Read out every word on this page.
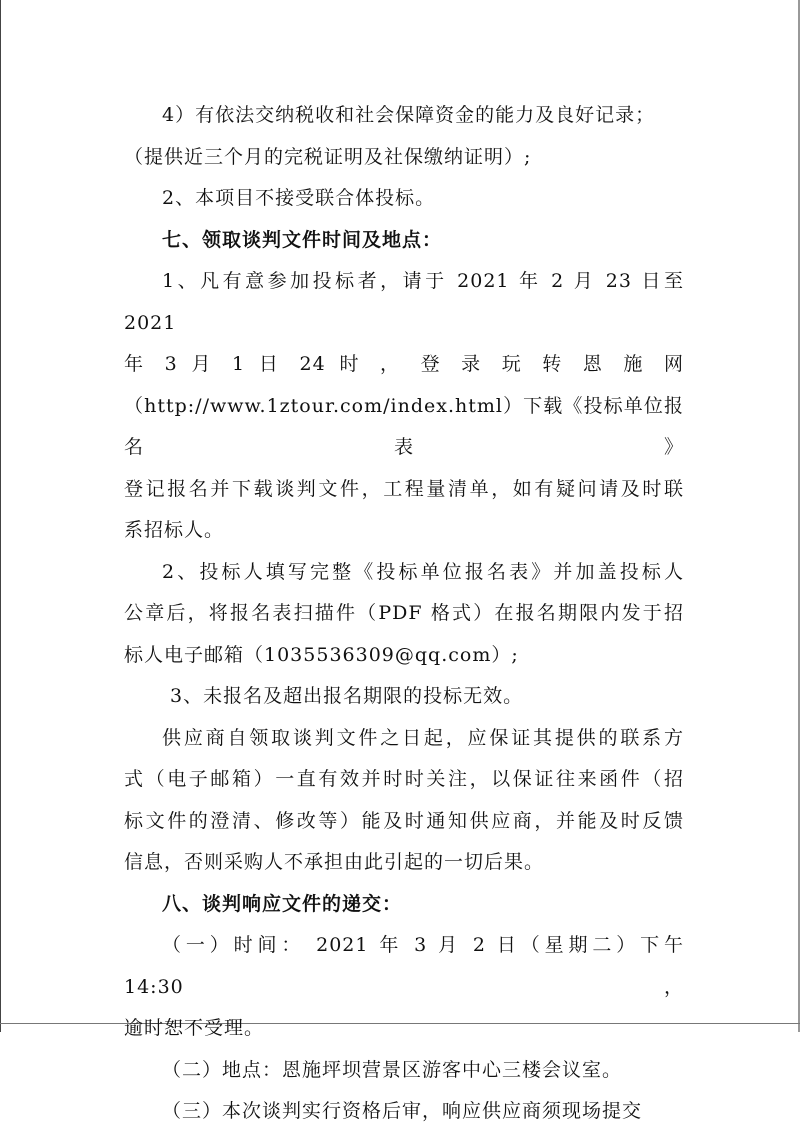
4）有依法交纳税收和社会保障资金的能力及良好记录；

（提供近三个月的完税证明及社保缴纳证明）;

2、本项目不接受联合体投标。

七、领取谈判文件时间及地点：

1、凡有意参加投标者，请于 2021 年 2 月 23 日至 2021

年 3 月 1 日 24 时 ， 登 录 玩 转 恩 施 网

（http://www.1ztour.com/index.html）下载《投标单位报名表》

登记报名并下载谈判文件，工程量清单，如有疑问请及时联

系招标人。

2、投标人填写完整《投标单位报名表》并加盖投标人

公章后，将报名表扫描件（PDF 格式）在报名期限内发于招

标人电子邮箱（1035536309@qq.com）;

3、未报名及超出报名期限的投标无效。

供应商自领取谈判文件之日起，应保证其提供的联系方

式（电子邮箱）一直有效并时时关注，以保证往来函件（招

标文件的澄清、修改等）能及时通知供应商，并能及时反馈

信息，否则采购人不承担由此引起的一切后果。

八、谈判响应文件的递交：

（一）时间： 2021 年 3 月 2 日（星期二）下午 14:30，

逾时恕不受理。

（二）地点：恩施坪坝营景区游客中心三楼会议室。

（三）本次谈判实行资格后审，响应供应商须现场提交
